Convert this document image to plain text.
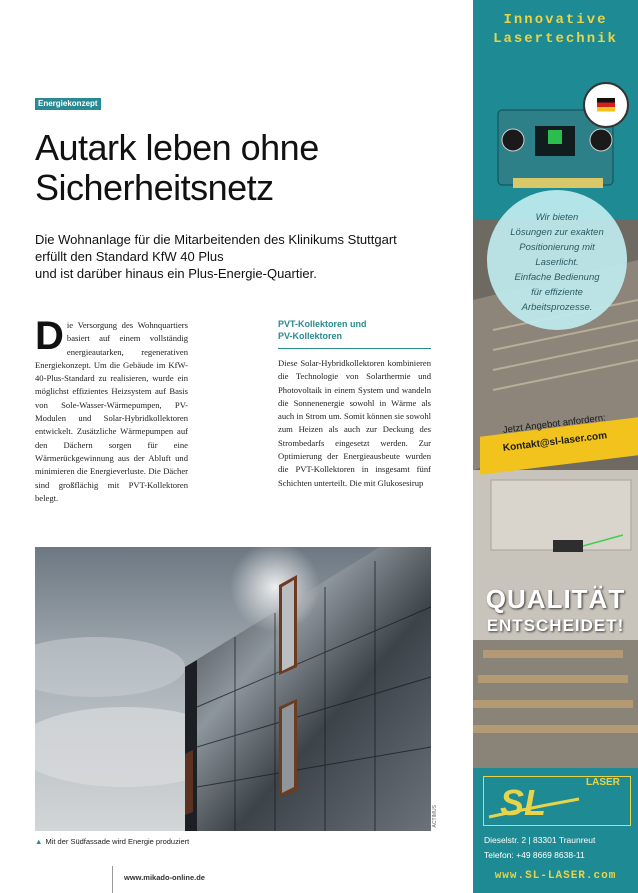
Energiekonzept
Autark leben ohne
Sicherheitsnetz
Die Wohnanlage für die Mitarbeitenden des Klinikums Stuttgart
erfüllt den Standard KfW 40 Plus
und ist darüber hinaus ein Plus-Energie-Quartier.
D ie Versorgung des Wohnquartiers basiert auf einem vollständig energieautarken, regenerativen Energiekonzept. Um die Gebäude im KfW-40-Plus-Standard zu realisieren, wurde ein möglichst effizientes Heizsystem auf Basis von Sole-Wasser-Wärmepumpen, PV-Modulen und Solar-Hybridkollektoren entwickelt. Zusätzliche Wärmepumpen auf den Dächern sorgen für eine Wärmerückgewinnung aus der Abluft und minimieren die Energieverluste. Die Dächer sind großflächig mit PVT-Kollektoren belegt.
PVT-Kollektoren und
PV-Kollektoren
Diese Solar-Hybridkollektoren kombinieren die Technologie von Solarthermie und Photovoltaik in einem System und wandeln die Sonnenenergie sowohl in Wärme als auch in Strom um. Somit können sie sowohl zum Heizen als auch zur Deckung des Strombedarfs eingesetzt werden. Zur Optimierung der Energieausbeute wurden die PVT-Kollektoren in insgesamt fünf Schichten unterteilt. Die mit Glukosesirup
ACTIMUS
▲ Mit der Südfassade wird Energie produziert
www.mikado-online.de
Innovative
Lasertechnik
Wir bieten
Lösungen zur exakten
Positionierung mit Laserlicht.
Einfache Bedienung
für effiziente
Arbeitsprozesse.
Jetzt Angebot anfordern:
Kontakt@sl-laser.com
QUALITÄT
ENTSCHEIDET!
SL	LASER
Dieselstr. 2 | 83301 Traunreut
Telefon: +49 8669 8638-11
www.SL-LASER.com
